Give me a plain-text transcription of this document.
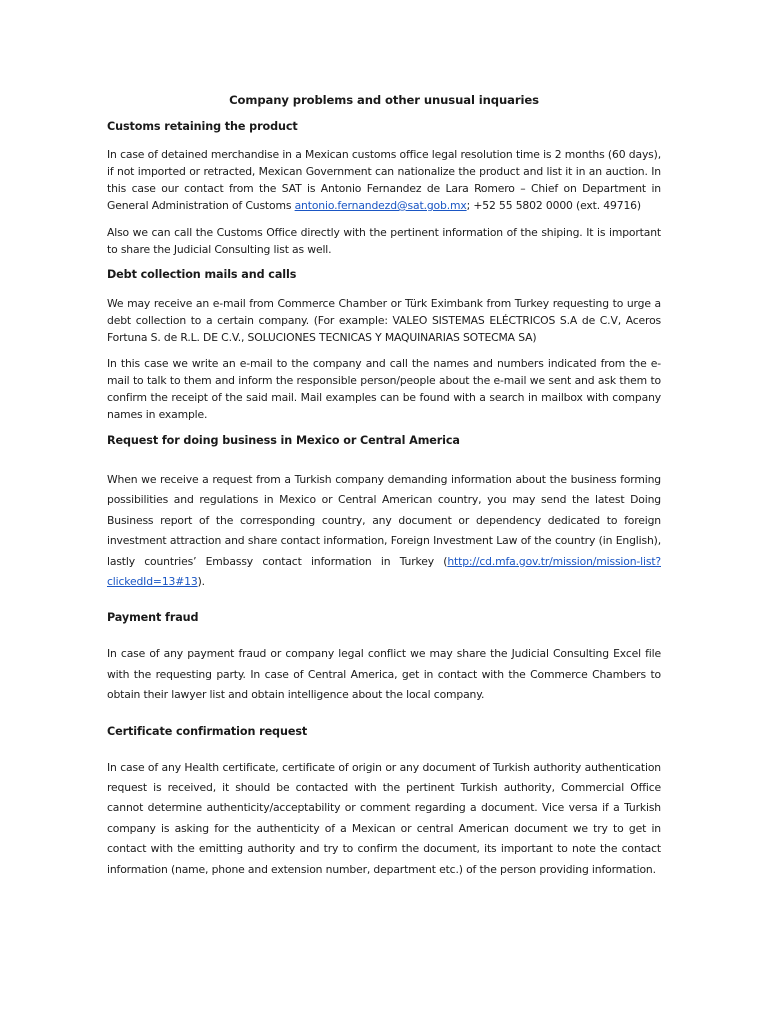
Company problems and other unusual inquaries
Customs retaining the product

In case of detained merchandise in a Mexican customs office legal resolution time is 2 months (60 days), if not imported or retracted, Mexican Government can nationalize the product and list it in an auction. In this case our contact from the SAT is Antonio Fernandez de Lara Romero – Chief on Department in General Administration of Customs antonio.fernandezd@sat.gob.mx; +52 55 5802 0000 (ext. 49716)

Also we can call the Customs Office directly with the pertinent information of the shiping. It is important to share the Judicial Consulting list as well.

Debt collection mails and calls

We may receive an e-mail from Commerce Chamber or Türk Eximbank from Turkey requesting to urge a debt collection to a certain company. (For example: VALEO SISTEMAS ELÉCTRICOS S.A de C.V, Aceros Fortuna S. de R.L. DE C.V., SOLUCIONES TECNICAS Y MAQUINARIAS SOTECMA SA)

In this case we write an e-mail to the company and call the names and numbers indicated from the e-mail to talk to them and inform the responsible person/people about the e-mail we sent and ask them to confirm the receipt of the said mail. Mail examples can be found with a search in mailbox with company names in example.

Request for doing business in Mexico or Central America

When we receive a request from a Turkish company demanding information about the business forming possibilities and regulations in Mexico or Central American country, you may send the latest Doing Business report of the corresponding country, any document or dependency dedicated to foreign investment attraction and share contact information, Foreign Investment Law of the country (in English), lastly countries’ Embassy contact information in Turkey (http://cd.mfa.gov.tr/mission/mission-list?clickedId=13#13).

Payment fraud

In case of any payment fraud or company legal conflict we may share the Judicial Consulting Excel file with the requesting party. In case of Central America, get in contact with the Commerce Chambers to obtain their lawyer list and obtain intelligence about the local company.

Certificate confirmation request

In case of any Health certificate, certificate of origin or any document of Turkish authority authentication request is received, it should be contacted with the pertinent Turkish authority, Commercial Office cannot determine authenticity/acceptability or comment regarding a document. Vice versa if a Turkish company is asking for the authenticity of a Mexican or central American document we try to get in contact with the emitting authority and try to confirm the document, its important to note the contact information (name, phone and extension number, department etc.) of the person providing information.
